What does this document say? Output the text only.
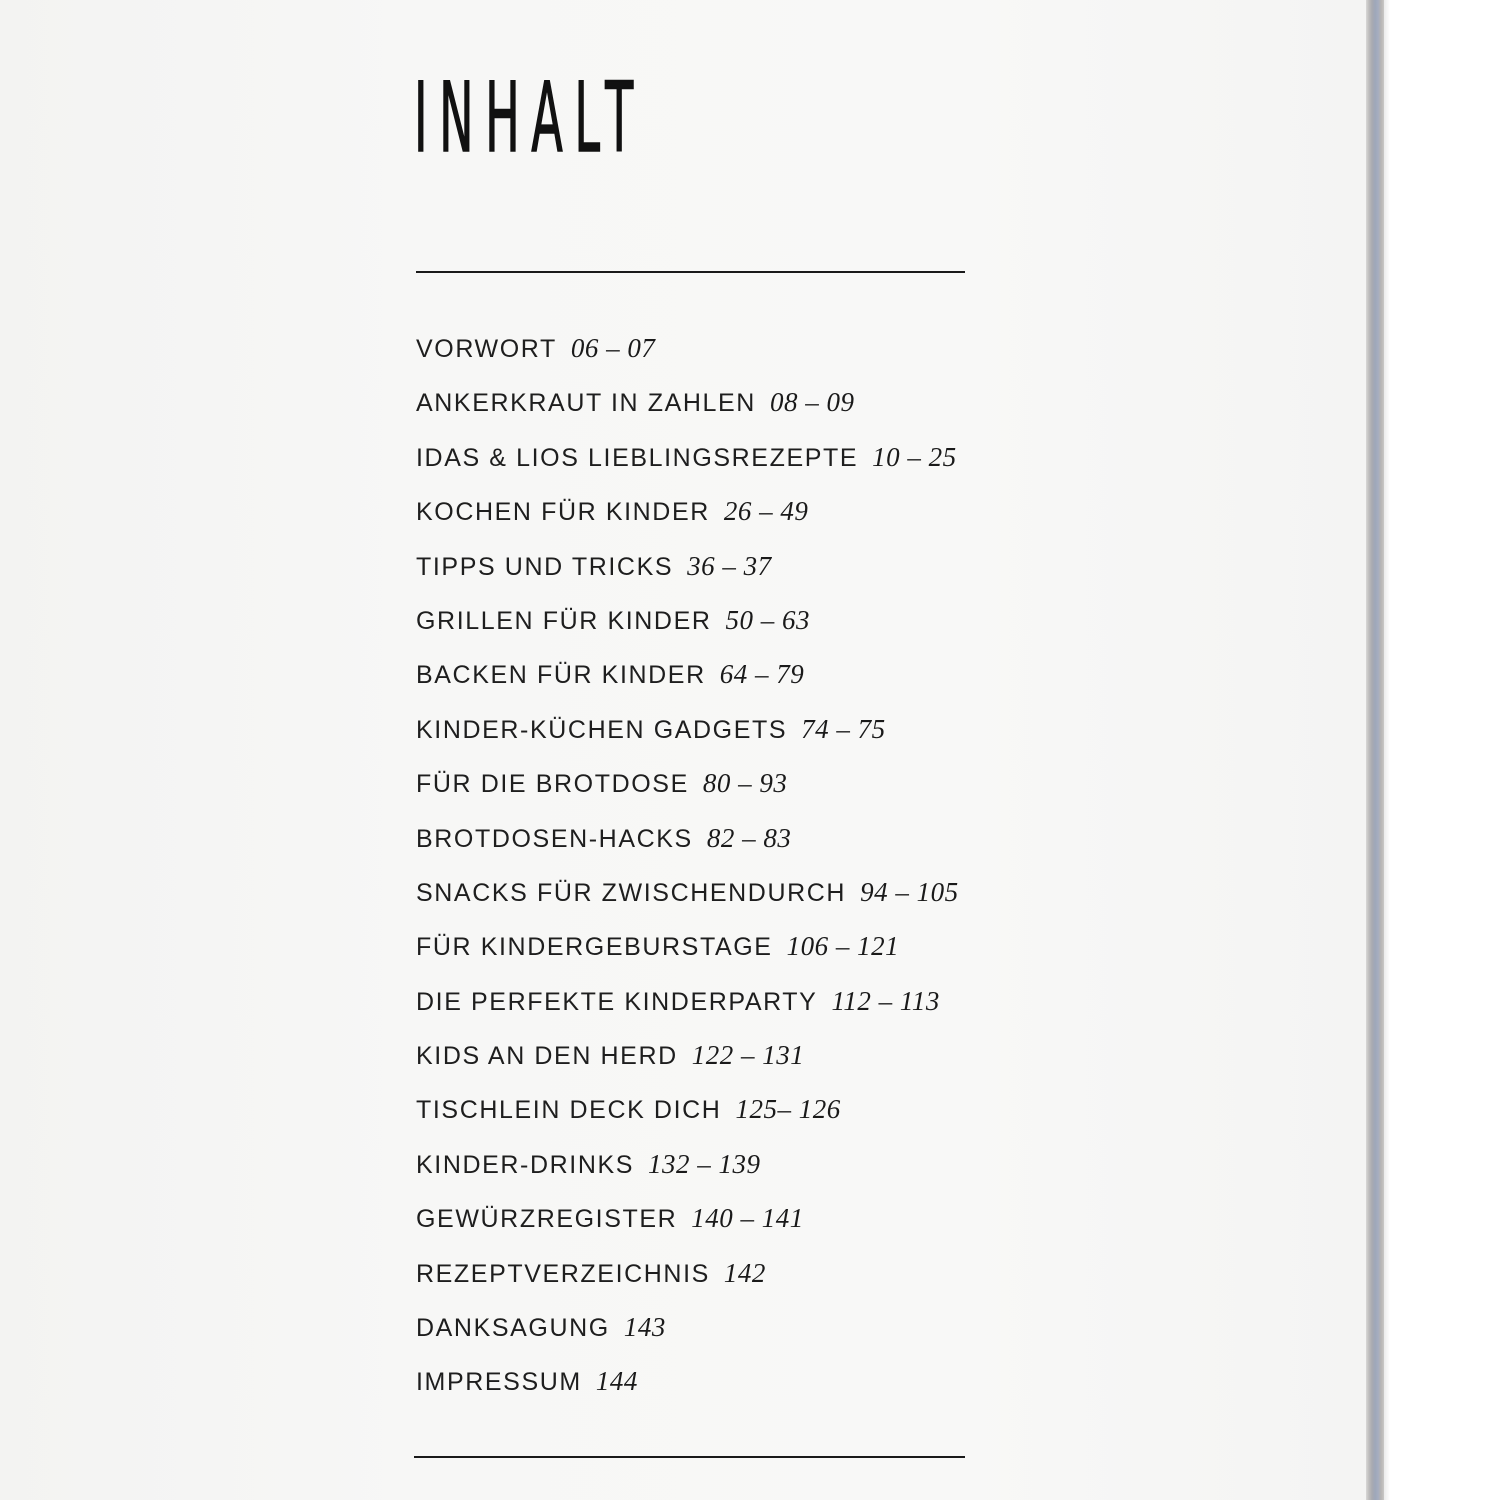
INHALT
VORWORT 06 – 07
ANKERKRAUT IN ZAHLEN 08 – 09
IDAS & LIOS LIEBLINGSREZEPTE 10 – 25
KOCHEN FÜR KINDER 26 – 49
TIPPS UND TRICKS 36 – 37
GRILLEN FÜR KINDER 50 – 63
BACKEN FÜR KINDER 64 – 79
KINDER-KÜCHEN GADGETS 74 – 75
FÜR DIE BROTDOSE 80 – 93
BROTDOSEN-HACKS 82 – 83
SNACKS FÜR ZWISCHENDURCH 94 – 105
FÜR KINDERGEBURSTAGE 106 – 121
DIE PERFEKTE KINDERPARTY 112 – 113
KIDS AN DEN HERD 122 – 131
TISCHLEIN DECK DICH 125– 126
KINDER-DRINKS 132 – 139
GEWÜRZREGISTER 140 – 141
REZEPTVERZEICHNIS 142
DANKSAGUNG 143
IMPRESSUM 144
